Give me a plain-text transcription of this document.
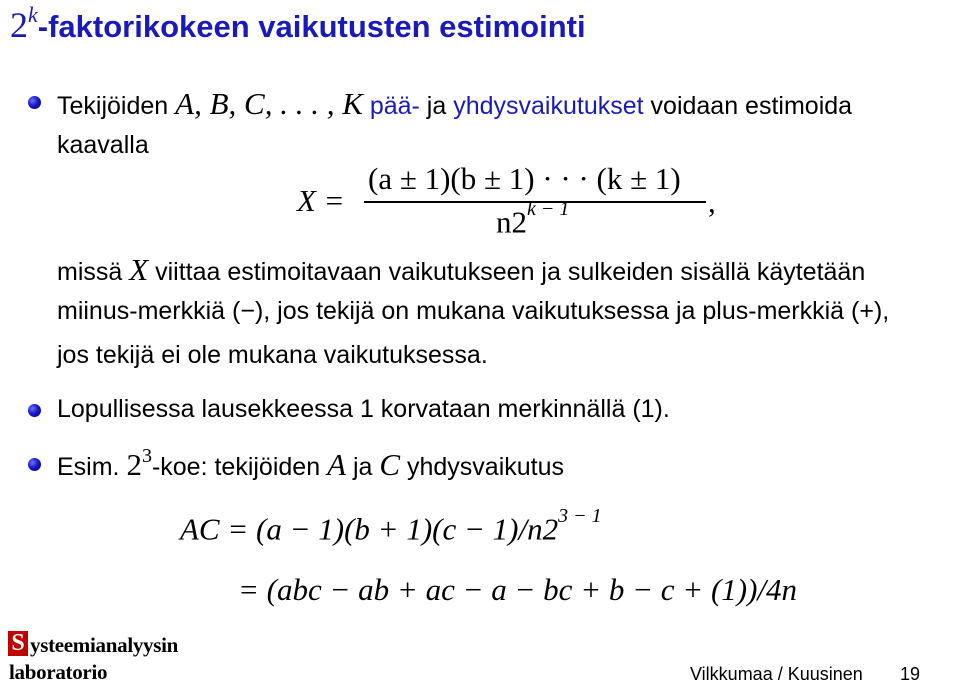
2$^k$-faktorikokeen vaikutusten estimointi
Tekijöiden A, B, C, . . . , K pää- ja yhdysvaikutukset voidaan estimoida
kaavalla
X =
(a ± 1)(b ± 1) · · · (k ± 1)
$n2^{k - 1}$	,
missä X viittaa estimoitavaan vaikutukseen ja sulkeiden sisällä käytetään
miinus-merkkiä (−), jos tekijä on mukana vaikutuksessa ja plus-merkkiä (+),
jos tekijä ei ole mukana vaikutuksessa.
Lopullisessa lausekkeessa 1 korvataan merkinnällä (1).
Esim. $2^3$-koe: tekijöiden A ja C yhdysvaikutus
AC = $(a - 1)(b + 1)(c - 1)/n2^{3 - 1}$
= (abc − ab + ac − a − bc + b − c + (1))/4n
S ysteemianalyysin
laboratorio	Vilkkumaa / Kuusinen 19
